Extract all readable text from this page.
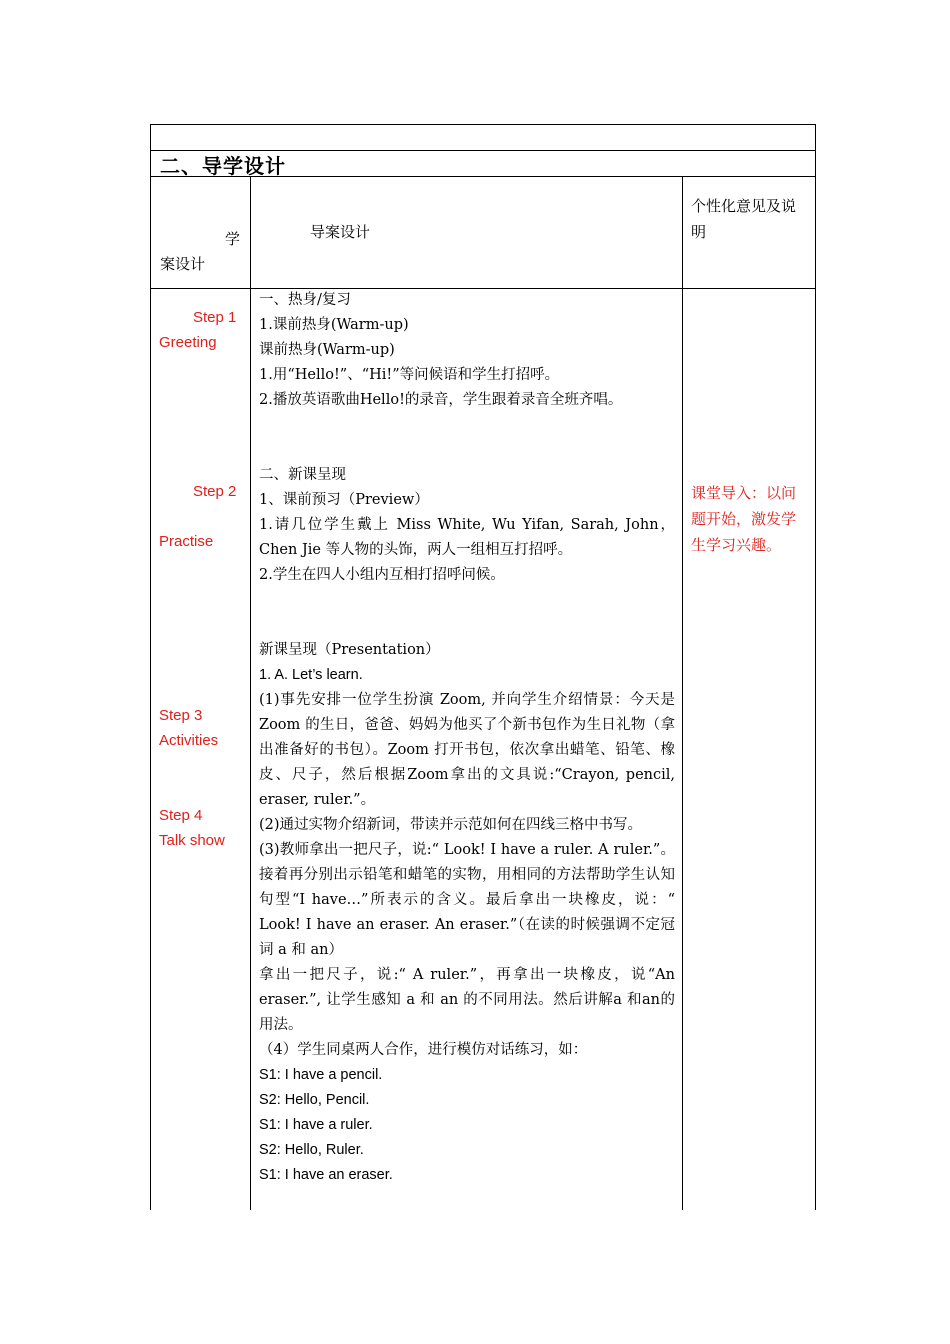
二、导学设计
学
案设计
导案设计
个性化意见及说明
Step 1
Greeting
Step 2
Practise
Step 3
Activities
Step 4
Talk show

一、热身/复习

1.课前热身(Warm-up)

课前热身(Warm-up)

1.用“Hello!”、“Hi!”等问候语和学生打招呼。

2.播放英语歌曲Hello!的录音，学生跟着录音全班齐唱。

二、新课呈现

1、课前预习（Preview）

1.请几位学生戴上 Miss White, Wu Yifan, Sarah, John，Chen Jie 等人物的头饰，两人一组相互打招呼。

2.学生在四人小组内互相打招呼问候。

新课呈现（Presentation）

1. A. Let’s learn.

(1)事先安排一位学生扮演 Zoom, 并向学生介绍情景：今天是 Zoom 的生日，爸爸、妈妈为他买了个新书包作为生日礼物（拿出准备好的书包）。Zoom 打开书包，依次拿出蜡笔、铅笔、橡皮、尺子，然后根据Zoom拿出的文具说:“Crayon, pencil, eraser, ruler.”。

(2)通过实物介绍新词，带读并示范如何在四线三格中书写。

(3)教师拿出一把尺子，说:“ Look! I have a ruler. A ruler.”。接着再分别出示铅笔和蜡笔的实物，用相同的方法帮助学生认知句型“I have…”所表示的含义。最后拿出一块橡皮，说：“ Look! I have an eraser. An eraser.”（在读的时候强调不定冠词 a 和 an）

拿出一把尺子，说:“ A ruler.”，再拿出一块橡皮，说“An eraser.”, 让学生感知 a 和 an 的不同用法。然后讲解a 和an的用法。

（4）学生同桌两人合作，进行模仿对话练习，如：

S1: I have a pencil.

S2: Hello, Pencil.

S1: I have a ruler.

S2: Hello, Ruler.

S1: I have an eraser.

课堂导入：以问题开始，激发学生学习兴趣。
